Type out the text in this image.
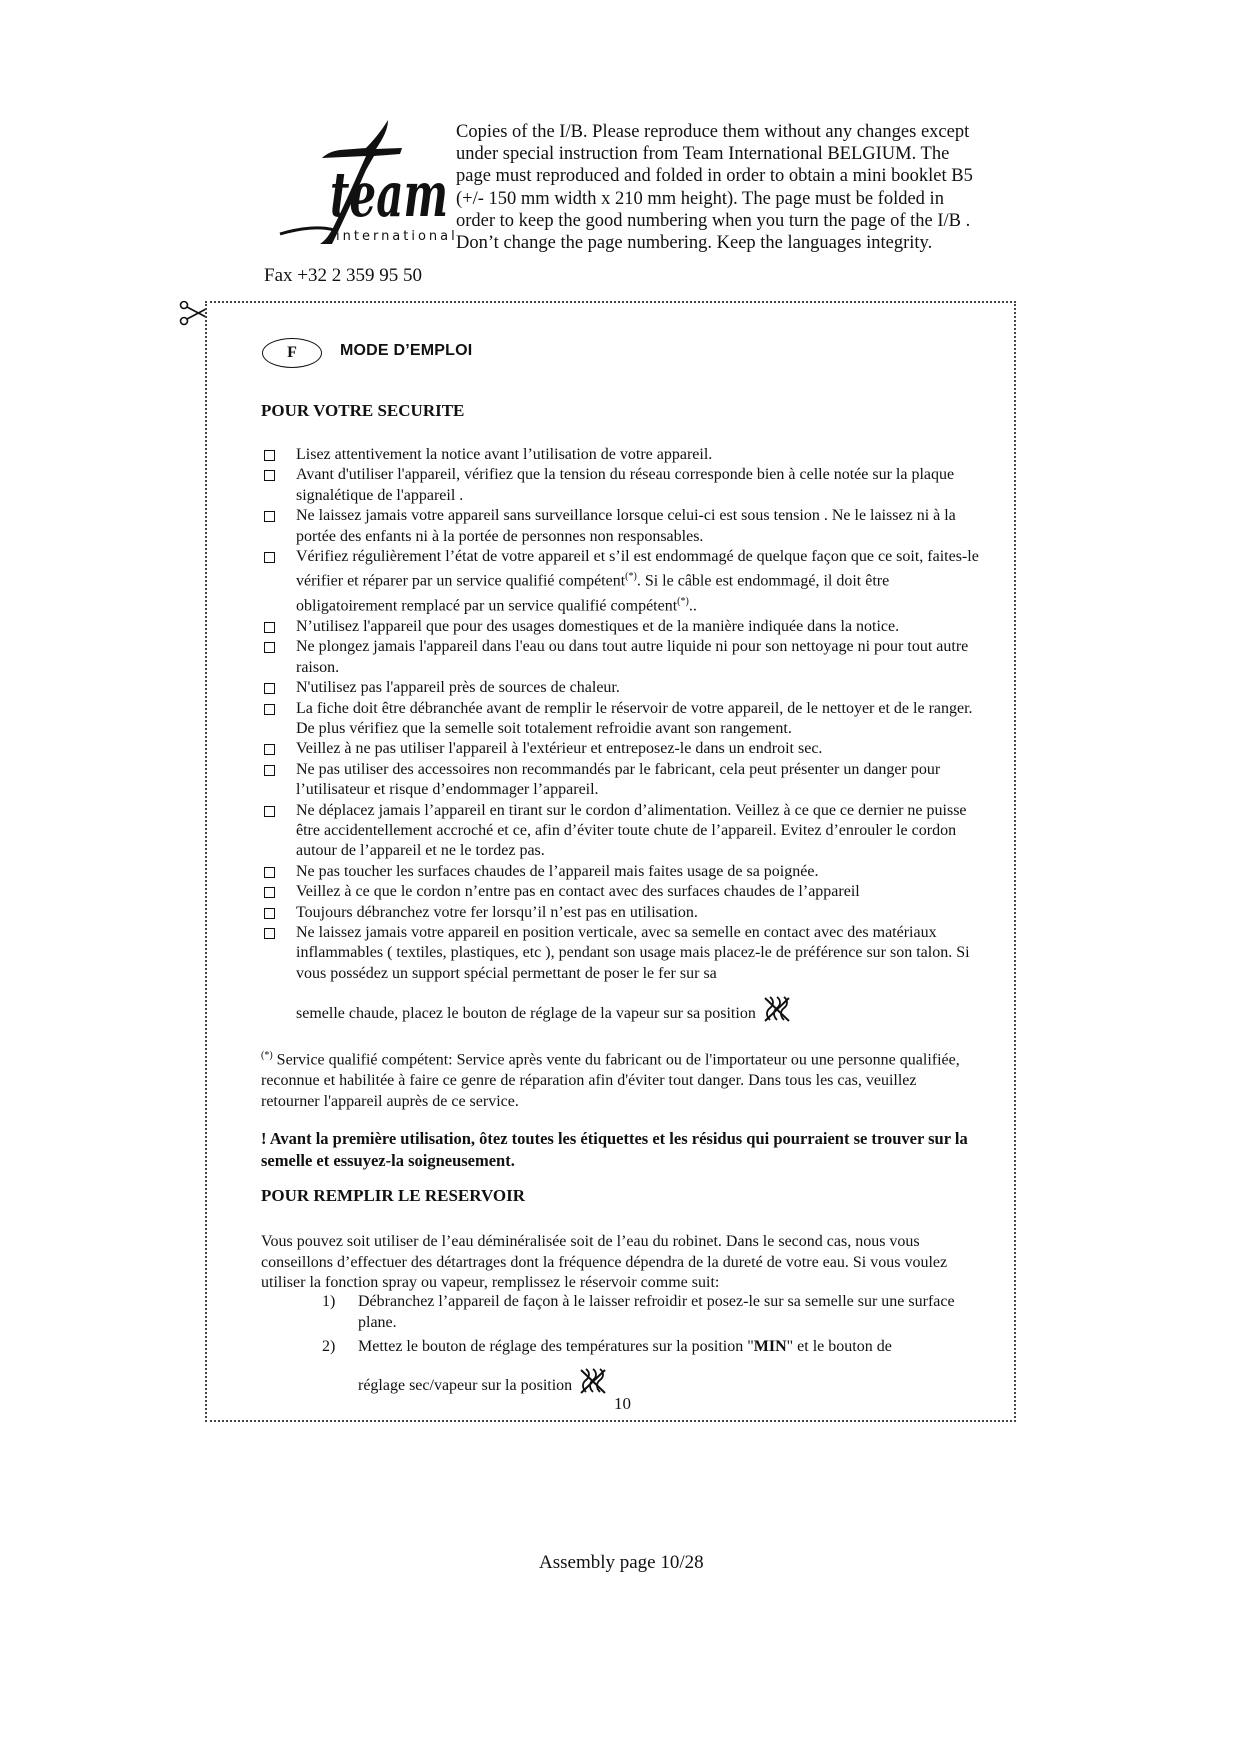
team
international
Fax +32 2 359 95 50
Copies of the I/B. Please reproduce them without any changes except under special instruction from Team International BELGIUM. The page must reproduced and folded in order to obtain a mini booklet B5 (+/- 150 mm width x 210 mm height). The page must be folded in order to keep the good numbering when you turn the page of the I/B . Don’t change the page numbering. Keep the languages integrity.
F	MODE D’EMPLOI
POUR VOTRE SECURITE
Lisez attentivement la notice avant l’utilisation de votre appareil.
Avant d'utiliser l'appareil, vérifiez que la tension du réseau corresponde bien à celle notée sur la plaque signalétique de l'appareil .
Ne laissez jamais votre appareil sans surveillance lorsque celui-ci est sous tension . Ne le laissez ni à la portée des enfants ni à la portée de personnes non responsables.
Vérifiez régulièrement l’état de votre appareil et s’il est endommagé de quelque façon que ce soit, faites-le vérifier et réparer par un service qualifié compétent(*). Si le câble est endommagé, il doit être obligatoirement remplacé par un service qualifié compétent(*)..
N’utilisez l'appareil que pour des usages domestiques et de la manière indiquée dans la notice.
Ne plongez jamais l'appareil dans l'eau ou dans tout autre liquide ni pour son nettoyage ni pour tout autre raison.
N'utilisez pas l'appareil près de sources de chaleur.
La fiche doit être débranchée avant de remplir le réservoir de votre appareil, de le nettoyer et de le ranger. De plus vérifiez que la semelle soit totalement refroidie avant son rangement.
Veillez à ne pas utiliser l'appareil à l'extérieur et entreposez-le dans un endroit sec.
Ne pas utiliser des accessoires non recommandés par le fabricant, cela peut présenter un danger pour l’utilisateur et risque d’endommager l’appareil.
Ne déplacez jamais l’appareil en tirant sur le cordon d’alimentation. Veillez à ce que ce dernier ne puisse être accidentellement accroché et ce, afin d’éviter toute chute de l’appareil. Evitez d’enrouler le cordon autour de l’appareil et ne le tordez pas.
Ne pas toucher les surfaces chaudes de l’appareil mais faites usage de sa poignée.
Veillez à ce que le cordon n’entre pas en contact avec des surfaces chaudes de l’appareil
Toujours débranchez votre fer lorsqu’il n’est pas en utilisation.
Ne laissez jamais votre appareil en position verticale, avec sa semelle en contact avec des matériaux inflammables ( textiles, plastiques, etc ), pendant son usage mais placez-le de préférence sur son talon. Si vous possédez un support spécial permettant de poser le fer sur sa
semelle chaude, placez le bouton de réglage de la vapeur sur sa position
(*) Service qualifié compétent: Service après vente du fabricant ou de l'importateur ou une personne qualifiée, reconnue et habilitée à faire ce genre de réparation afin d'éviter tout danger. Dans tous les cas, veuillez retourner l'appareil auprès de ce service.
! Avant la première utilisation, ôtez toutes les étiquettes et les résidus qui pourraient se trouver sur la semelle et essuyez-la soigneusement.
POUR REMPLIR LE RESERVOIR
Vous pouvez soit utiliser de l’eau déminéralisée soit de l’eau du robinet. Dans le second cas, nous vous conseillons d’effectuer des détartrages dont la fréquence dépendra de la dureté de votre eau. Si vous voulez utiliser la fonction spray ou vapeur, remplissez le réservoir comme suit:
1) Débranchez l’appareil de façon à le laisser refroidir et posez-le sur sa semelle sur une surface plane.
2) Mettez le bouton de réglage des températures sur la position "MIN" et le bouton de
réglage sec/vapeur sur la position
10
Assembly page 10/28
